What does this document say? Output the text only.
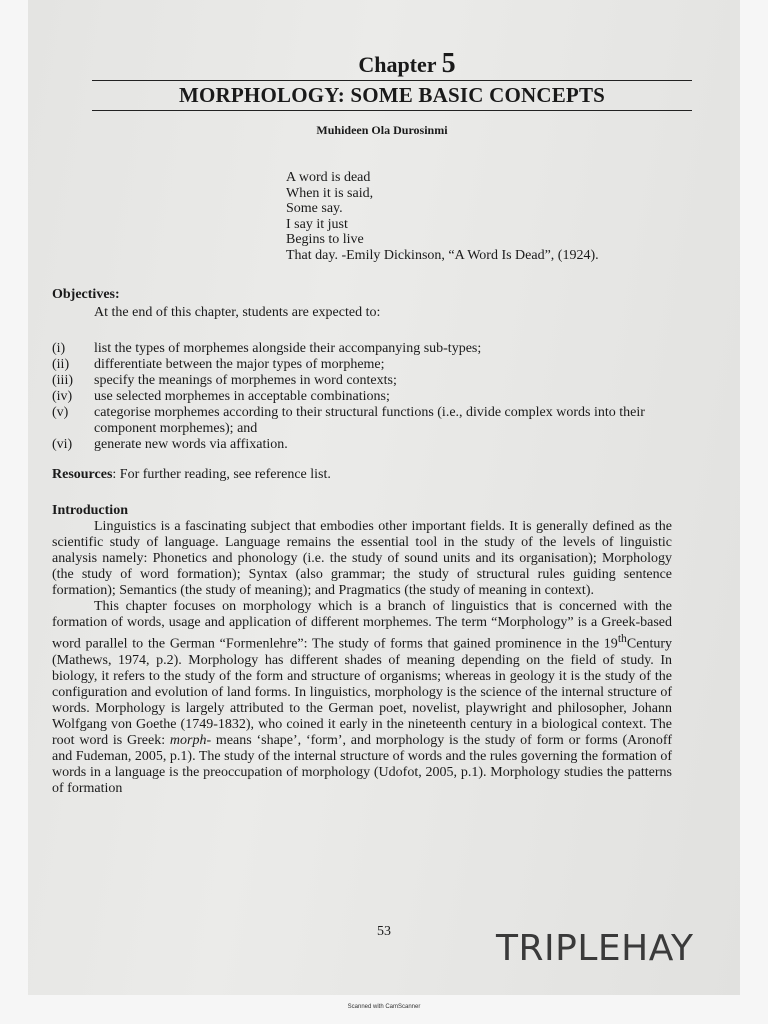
Chapter 5
MORPHOLOGY: SOME BASIC CONCEPTS
Muhideen Ola Durosinmi
A word is dead
When it is said,
Some say.
I say it just
Begins to live
That day. -Emily Dickinson, “A Word Is Dead”, (1924).
Objectives:
At the end of this chapter, students are expected to:
(i)	list the types of morphemes alongside their accompanying sub-types;
(ii)	differentiate between the major types of morpheme;
(iii)	specify the meanings of morphemes in word contexts;
(iv)	use selected morphemes in acceptable combinations;
(v)	categorise morphemes according to their structural functions (i.e., divide complex words into their component morphemes); and
(vi)	generate new words via affixation.
Resources: For further reading, see reference list.
Introduction
Linguistics is a fascinating subject that embodies other important fields. It is generally defined as the scientific study of language. Language remains the essential tool in the study of the levels of linguistic analysis namely: Phonetics and phonology (i.e. the study of sound units and its organisation); Morphology (the study of word formation); Syntax (also grammar; the study of structural rules guiding sentence formation); Semantics (the study of meaning); and Pragmatics (the study of meaning in context).
This chapter focuses on morphology which is a branch of linguistics that is concerned with the formation of words, usage and application of different morphemes. The term “Morphology” is a Greek-based word parallel to the German “Formenlehre”: The study of forms that gained prominence in the 19thCentury (Mathews, 1974, p.2). Morphology has different shades of meaning depending on the field of study. In biology, it refers to the study of the form and structure of organisms; whereas in geology it is the study of the configuration and evolution of land forms. In linguistics, morphology is the science of the internal structure of words. Morphology is largely attributed to the German poet, novelist, playwright and philosopher, Johann Wolfgang von Goethe (1749-1832), who coined it early in the nineteenth century in a biological context. The root word is Greek: morph- means ‘shape’, ‘form’, and morphology is the study of form or forms (Aronoff and Fudeman, 2005, p.1). The study of the internal structure of words and the rules governing the formation of words in a language is the preoccupation of morphology (Udofot, 2005, p.1). Morphology studies the patterns of formation
53	TRIPLEHAY
Scanned with CamScanner
